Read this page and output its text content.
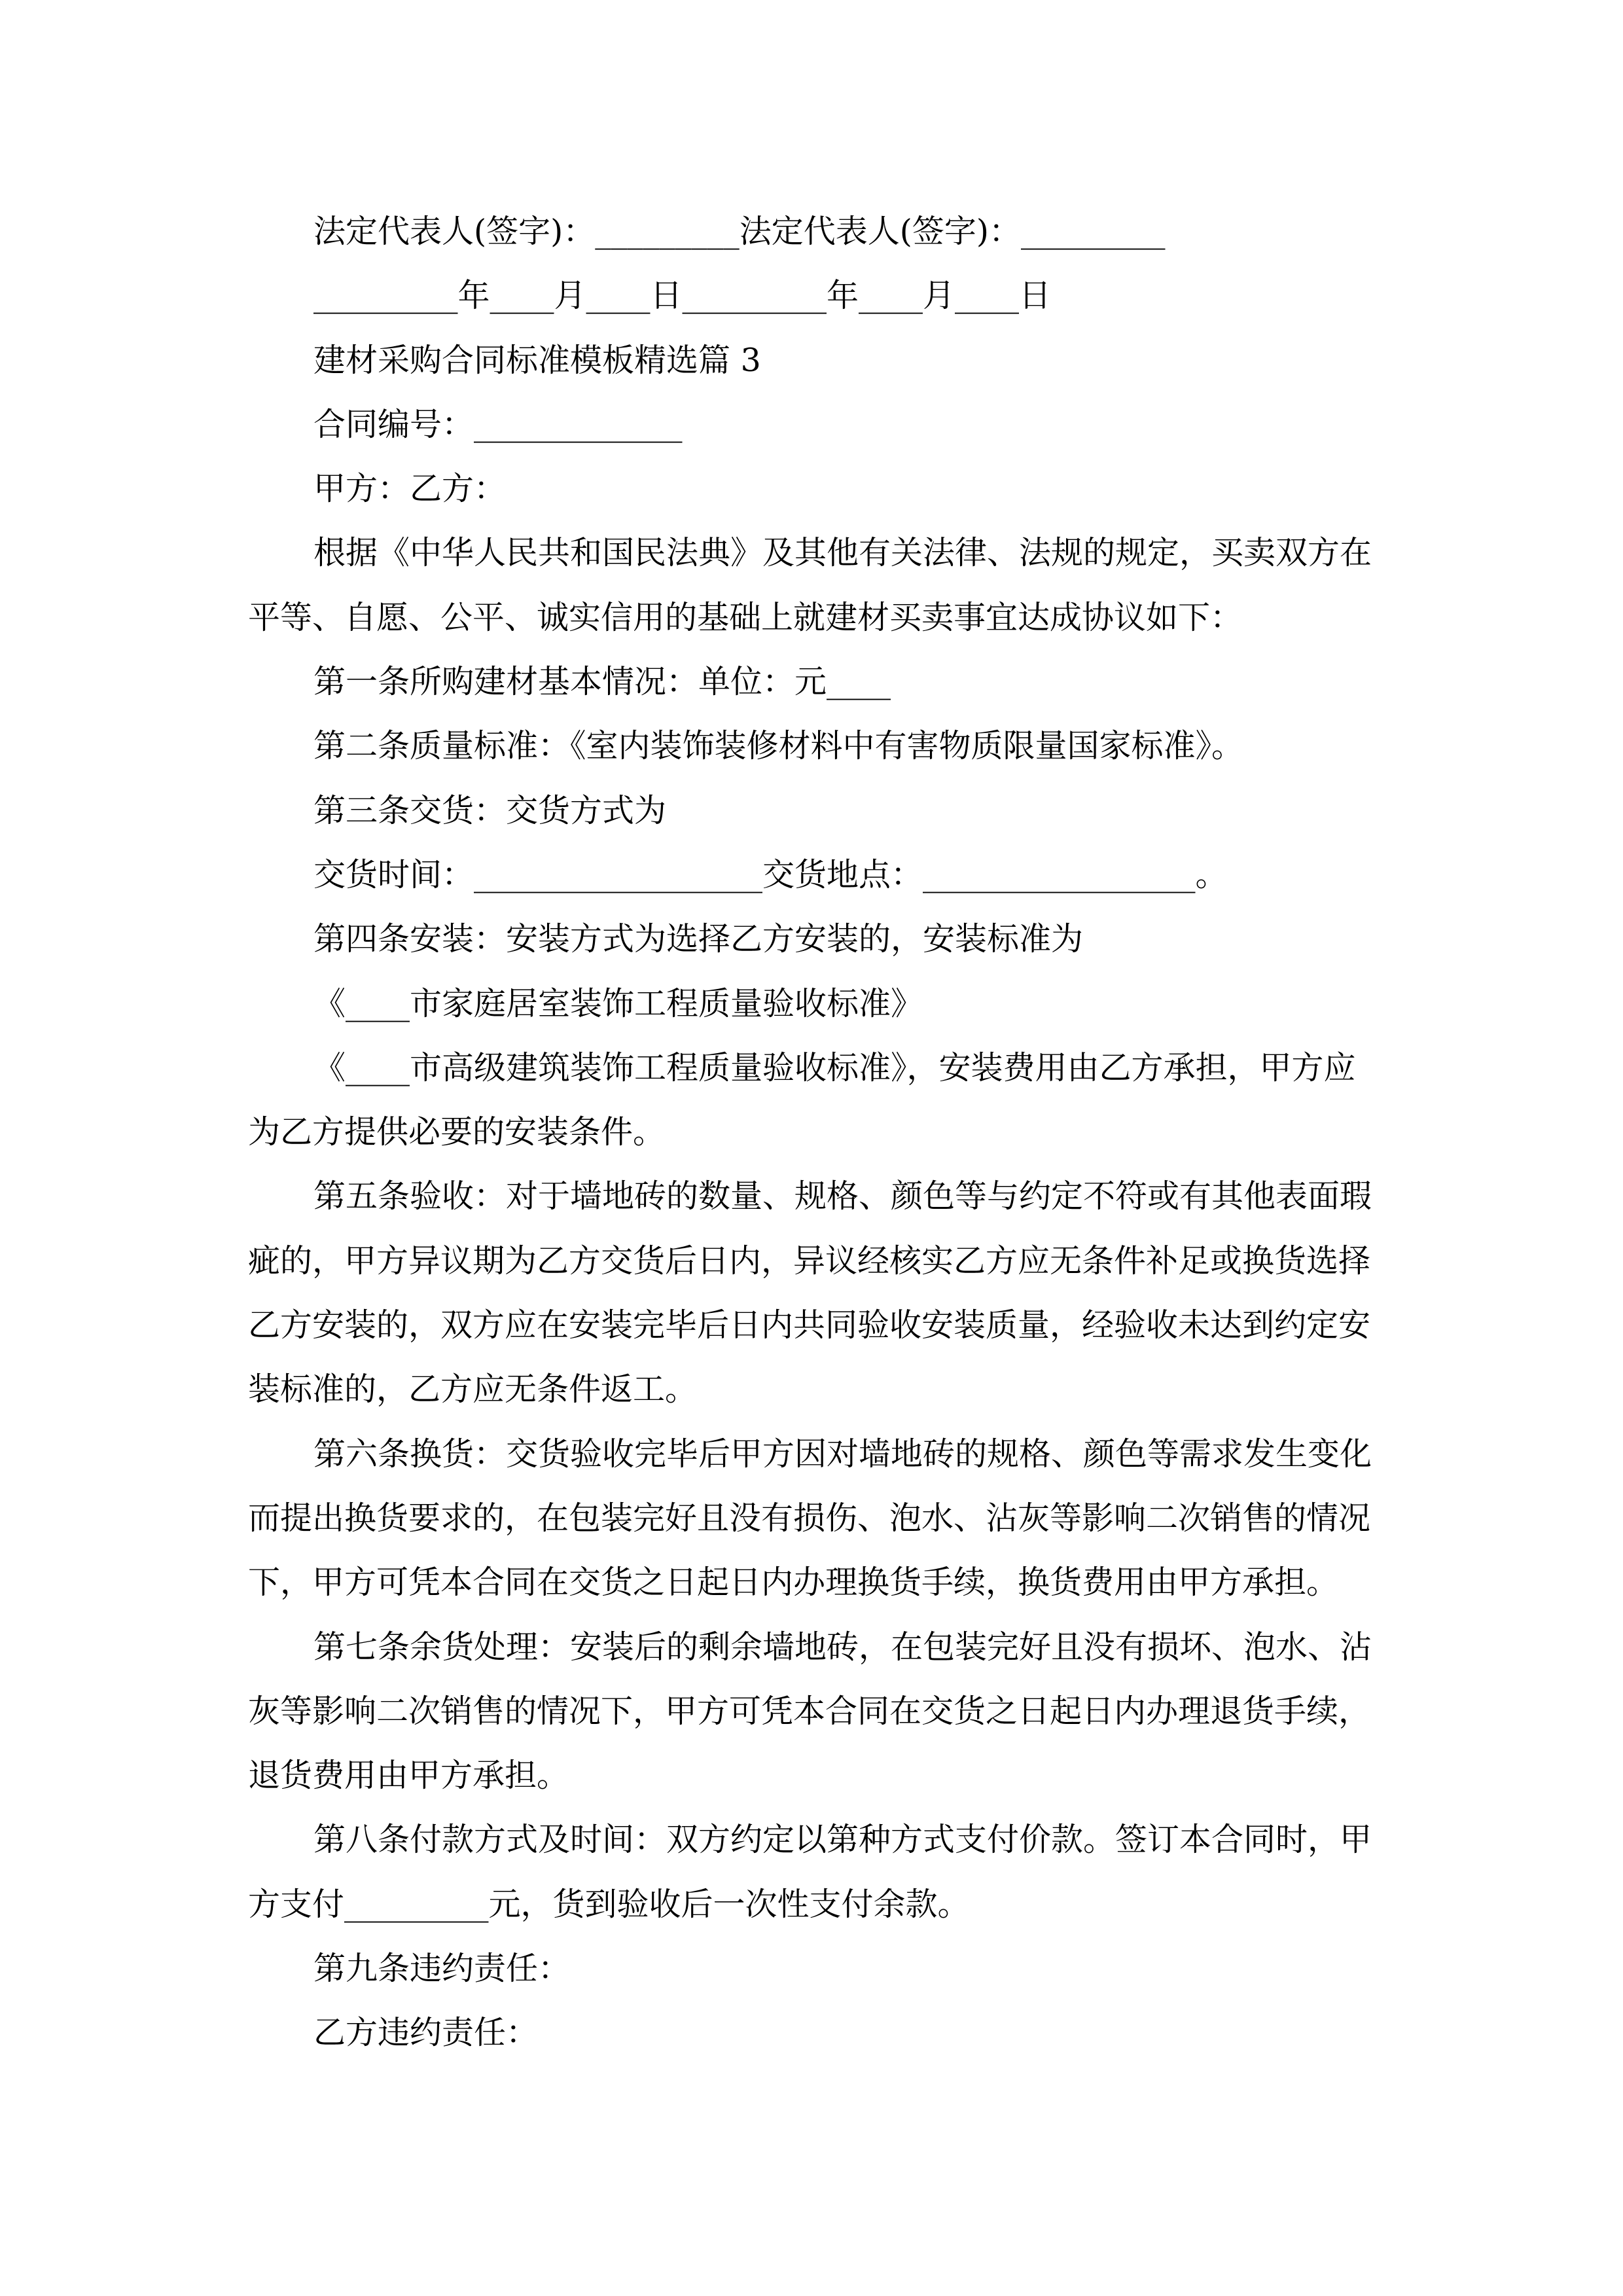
法定代表人(签字)：_________法定代表人(签字)：_________
_________年____月____日_________年____月____日
建材采购合同标准模板精选篇 3
合同编号：_____________
甲方：乙方：
根据《中华人民共和国民法典》及其他有关法律、法规的规定，买卖双方在
平等、自愿、公平、诚实信用的基础上就建材买卖事宜达成协议如下：
第一条所购建材基本情况：单位：元____
第二条质量标准：《室内装饰装修材料中有害物质限量国家标准》。
第三条交货：交货方式为
交货时间：__________________交货地点：_________________。
第四条安装：安装方式为选择乙方安装的，安装标准为
《____市家庭居室装饰工程质量验收标准》
《____市高级建筑装饰工程质量验收标准》，安装费用由乙方承担，甲方应
为乙方提供必要的安装条件。
第五条验收：对于墙地砖的数量、规格、颜色等与约定不符或有其他表面瑕
疵的，甲方异议期为乙方交货后日内，异议经核实乙方应无条件补足或换货选择
乙方安装的，双方应在安装完毕后日内共同验收安装质量，经验收未达到约定安
装标准的，乙方应无条件返工。
第六条换货：交货验收完毕后甲方因对墙地砖的规格、颜色等需求发生变化
而提出换货要求的，在包装完好且没有损伤、泡水、沾灰等影响二次销售的情况
下，甲方可凭本合同在交货之日起日内办理换货手续，换货费用由甲方承担。
第七条余货处理：安装后的剩余墙地砖，在包装完好且没有损坏、泡水、沾
灰等影响二次销售的情况下，甲方可凭本合同在交货之日起日内办理退货手续，
退货费用由甲方承担。
第八条付款方式及时间：双方约定以第种方式支付价款。签订本合同时，甲
方支付_________元，货到验收后一次性支付余款。
第九条违约责任：
乙方违约责任：
